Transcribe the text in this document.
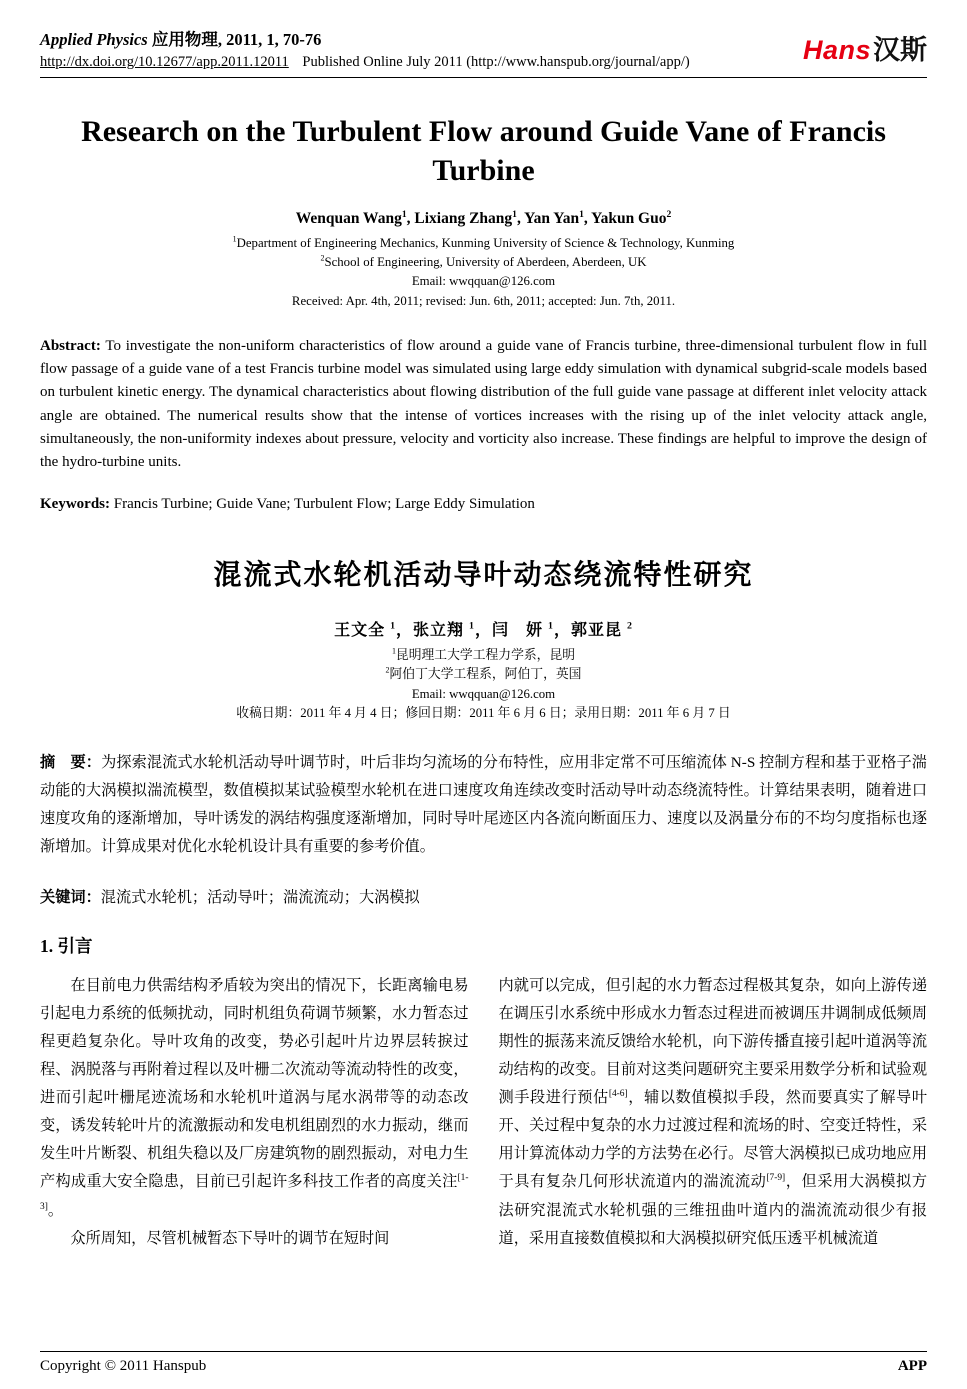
Applied Physics 应用物理, 2011, 1, 70-76
http://dx.doi.org/10.12677/app.2011.12011 Published Online July 2011 (http://www.hanspub.org/journal/app/)	Hans汉斯
Research on the Turbulent Flow around Guide Vane of Francis Turbine
Wenquan Wang$^1$, Lixiang Zhang$^1$, Yan Yan$^1$, Yakun Guo$^2$
$^1$Department of Engineering Mechanics, Kunming University of Science & Technology, Kunming
$^2$School of Engineering, University of Aberdeen, Aberdeen, UK
Email: wwqquan@126.com
Received: Apr. 4th, 2011; revised: Jun. 6th, 2011; accepted: Jun. 7th, 2011.

Abstract: To investigate the non-uniform characteristics of flow around a guide vane of Francis turbine, three-dimensional turbulent flow in full flow passage of a guide vane of a test Francis turbine model was simulated using large eddy simulation with dynamical subgrid-scale models based on turbulent kinetic energy. The dynamical characteristics about flowing distribution of the full guide vane passage at different inlet velocity attack angle are obtained. The numerical results show that the intense of vortices increases with the rising up of the inlet velocity attack angle, simultaneously, the non-uniformity indexes about pressure, velocity and vorticity also increase. These findings are helpful to improve the design of the hydro-turbine units.

Keywords: Francis Turbine; Guide Vane; Turbulent Flow; Large Eddy Simulation

混流式水轮机活动导叶动态绕流特性研究
王文全 $^1$，张立翔 $^1$，闫　妍 $^1$，郭亚昆 $^2$
$^1$昆明理工大学工程力学系，昆明
$^2$阿伯丁大学工程系，阿伯丁，英国
Email: wwqquan@126.com
收稿日期：2011 年 4 月 4 日；修回日期：2011 年 6 月 6 日；录用日期：2011 年 6 月 7 日

摘　要：为探索混流式水轮机活动导叶调节时，叶后非均匀流场的分布特性，应用非定常不可压缩流体 N-S 控制方程和基于亚格子湍动能的大涡模拟湍流模型，数值模拟某试验模型水轮机在进口速度攻角连续改变时活动导叶动态绕流特性。计算结果表明，随着进口速度攻角的逐渐增加，导叶诱发的涡结构强度逐渐增加，同时导叶尾迹区内各流向断面压力、速度以及涡量分布的不均匀度指标也逐渐增加。计算成果对优化水轮机设计具有重要的参考价值。

关键词：混流式水轮机；活动导叶；湍流流动；大涡模拟

1. 引言

在目前电力供需结构矛盾较为突出的情况下，长距离输电易引起电力系统的低频扰动，同时机组负荷调节频繁，水力暂态过程更趋复杂化。导叶攻角的改变，势必引起叶片边界层转捩过程、涡脱落与再附着过程以及叶栅二次流动等流动特性的改变，进而引起叶栅尾迹流场和水轮机叶道涡与尾水涡带等的动态改变，诱发转轮叶片的流激振动和发电机组剧烈的水力振动，继而发生叶片断裂、机组失稳以及厂房建筑物的剧烈振动，对电力生产构成重大安全隐患，目前已引起许多科技工作者的高度关注[1-3]。

众所周知，尽管机械暂态下导叶的调节在短时间

内就可以完成，但引起的水力暂态过程极其复杂，如向上游传递在调压引水系统中形成水力暂态过程进而被调压井调制成低频周期性的振荡来流反馈给水轮机，向下游传播直接引起叶道涡等流动结构的改变。目前对这类问题研究主要采用数学分析和试验观测手段进行预估[4-6]，辅以数值模拟手段，然而要真实了解导叶开、关过程中复杂的水力过渡过程和流场的时、空变迁特性，采用计算流体动力学的方法势在必行。尽管大涡模拟已成功地应用于具有复杂几何形状流道内的湍流流动[7-9]，但采用大涡模拟方法研究混流式水轮机强的三维扭曲叶道内的湍流流动很少有报道，采用直接数值模拟和大涡模拟研究低压透平机械流道

Copyright © 2011 Hanspub	APP
